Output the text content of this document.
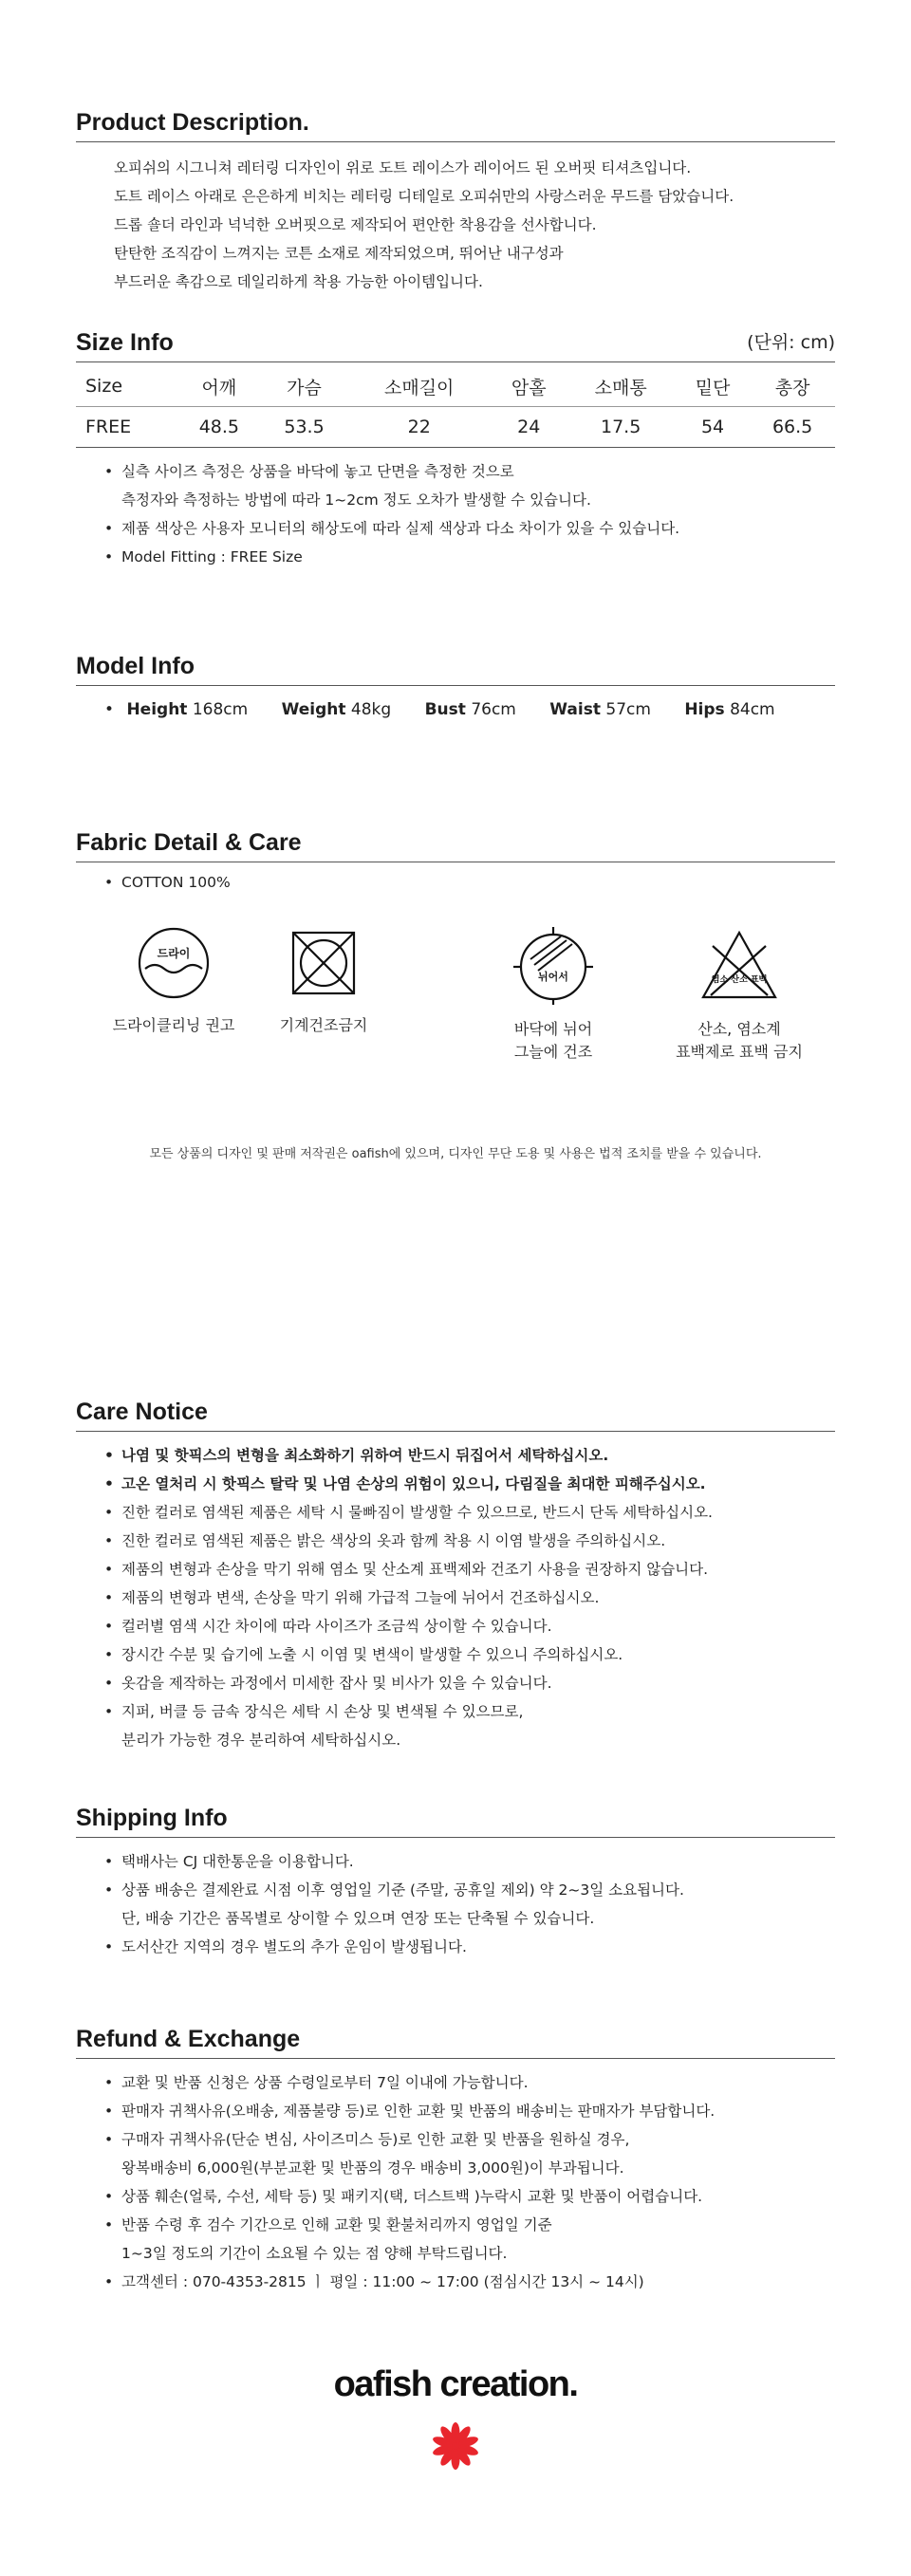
Product Description.
오피쉬의 시그니쳐 레터링 디자인이 위로 도트 레이스가 레이어드 된 오버핏 티셔츠입니다.
도트 레이스 아래로 은은하게 비치는 레터링 디테일로 오피쉬만의 사랑스러운 무드를 담았습니다.
드롭 숄더 라인과 넉넉한 오버핏으로 제작되어 편안한 착용감을 선사합니다.
탄탄한 조직감이 느껴지는 코튼 소재로 제작되었으며, 뛰어난 내구성과
부드러운 촉감으로 데일리하게 착용 가능한 아이템입니다.
Size Info	(단위: cm)
Size	어깨	가슴	소매길이	암홀	소매통	밑단	총장
FREE	48.5	53.5	22	24	17.5	54	66.5
• 실측 사이즈 측정은 상품을 바닥에 놓고 단면을 측정한 것으로
측정자와 측정하는 방법에 따라 1~2cm 정도 오차가 발생할 수 있습니다.
• 제품 색상은 사용자 모니터의 해상도에 따라 실제 색상과 다소 차이가 있을 수 있습니다.
• Model Fitting : FREE Size
Model Info
• Height 168cm Weight 48kg Bust 76cm Waist 57cm Hips 84cm
Fabric Detail & Care
• COTTON 100%
드라이
드라이클리닝 권고	기계건조금지
뉘어서
바닥에 뉘어
그늘에 건조
염소 산소 표백
산소, 염소계
표백제로 표백 금지
모든 상품의 디자인 및 판매 저작권은 oafish에 있으며, 디자인 무단 도용 및 사용은 법적 조치를 받을 수 있습니다.
Care Notice
• 나염 및 핫픽스의 변형을 최소화하기 위하여 반드시 뒤집어서 세탁하십시오.
• 고온 열처리 시 핫픽스 탈락 및 나염 손상의 위험이 있으니, 다림질을 최대한 피해주십시오.
• 진한 컬러로 염색된 제품은 세탁 시 물빠짐이 발생할 수 있으므로, 반드시 단독 세탁하십시오.
• 진한 컬러로 염색된 제품은 밝은 색상의 옷과 함께 착용 시 이염 발생을 주의하십시오.
• 제품의 변형과 손상을 막기 위해 염소 및 산소계 표백제와 건조기 사용을 권장하지 않습니다.
• 제품의 변형과 변색, 손상을 막기 위해 가급적 그늘에 뉘어서 건조하십시오.
• 컬러별 염색 시간 차이에 따라 사이즈가 조금씩 상이할 수 있습니다.
• 장시간 수분 및 습기에 노출 시 이염 및 변색이 발생할 수 있으니 주의하십시오.
• 옷감을 제작하는 과정에서 미세한 잡사 및 비사가 있을 수 있습니다.
• 지퍼, 버클 등 금속 장식은 세탁 시 손상 및 변색될 수 있으므로,
분리가 가능한 경우 분리하여 세탁하십시오.
Shipping Info
• 택배사는 CJ 대한통운을 이용합니다.
• 상품 배송은 결제완료 시점 이후 영업일 기준 (주말, 공휴일 제외) 약 2~3일 소요됩니다.
단, 배송 기간은 품목별로 상이할 수 있으며 연장 또는 단축될 수 있습니다.
• 도서산간 지역의 경우 별도의 추가 운임이 발생됩니다.
Refund & Exchange
• 교환 및 반품 신청은 상품 수령일로부터 7일 이내에 가능합니다.
• 판매자 귀책사유(오배송, 제품불량 등)로 인한 교환 및 반품의 배송비는 판매자가 부담합니다.
• 구매자 귀책사유(단순 변심, 사이즈미스 등)로 인한 교환 및 반품을 원하실 경우,
왕복배송비 6,000원(부분교환 및 반품의 경우 배송비 3,000원)이 부과됩니다.
• 상품 훼손(얼룩, 수선, 세탁 등) 및 패키지(택, 더스트백 )누락시 교환 및 반품이 어렵습니다.
• 반품 수령 후 검수 기간으로 인해 교환 및 환불처리까지 영업일 기준
1~3일 정도의 기간이 소요될 수 있는 점 양해 부탁드립니다.
• 고객센터 : 070-4353-2815 ㅣ 평일 : 11:00 ~ 17:00 (점심시간 13시 ~ 14시)
oafish creation.
